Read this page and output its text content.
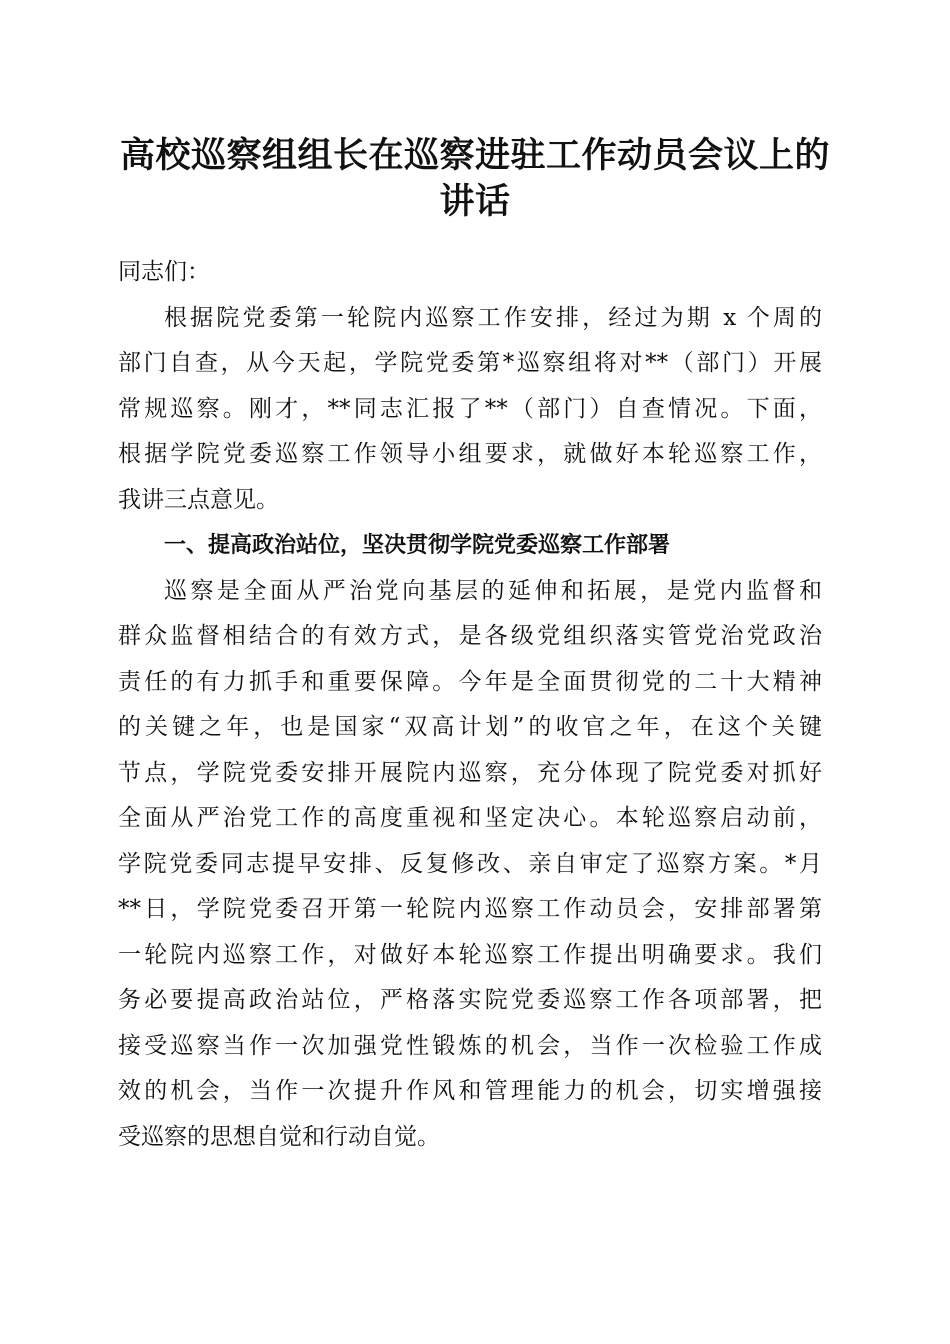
高校巡察组组长在巡察进驻工作动员会议上的
讲话
同志们：
根据院党委第一轮院内巡察工作安排，经过为期 x 个周的
部门自查，从今天起，学院党委第*巡察组将对**（部门）开展
常规巡察。刚才，**同志汇报了**（部门）自查情况。下面，
根据学院党委巡察工作领导小组要求，就做好本轮巡察工作，
我讲三点意见。
一、提高政治站位，坚决贯彻学院党委巡察工作部署
巡察是全面从严治党向基层的延伸和拓展，是党内监督和
群众监督相结合的有效方式，是各级党组织落实管党治党政治
责任的有力抓手和重要保障。今年是全面贯彻党的二十大精神
的关键之年，也是国家“双高计划”的收官之年，在这个关键
节点，学院党委安排开展院内巡察，充分体现了院党委对抓好
全面从严治党工作的高度重视和坚定决心。本轮巡察启动前，
学院党委同志提早安排、反复修改、亲自审定了巡察方案。*月
**日，学院党委召开第一轮院内巡察工作动员会，安排部署第
一轮院内巡察工作，对做好本轮巡察工作提出明确要求。我们
务必要提高政治站位，严格落实院党委巡察工作各项部署，把
接受巡察当作一次加强党性锻炼的机会，当作一次检验工作成
效的机会，当作一次提升作风和管理能力的机会，切实增强接
受巡察的思想自觉和行动自觉。
